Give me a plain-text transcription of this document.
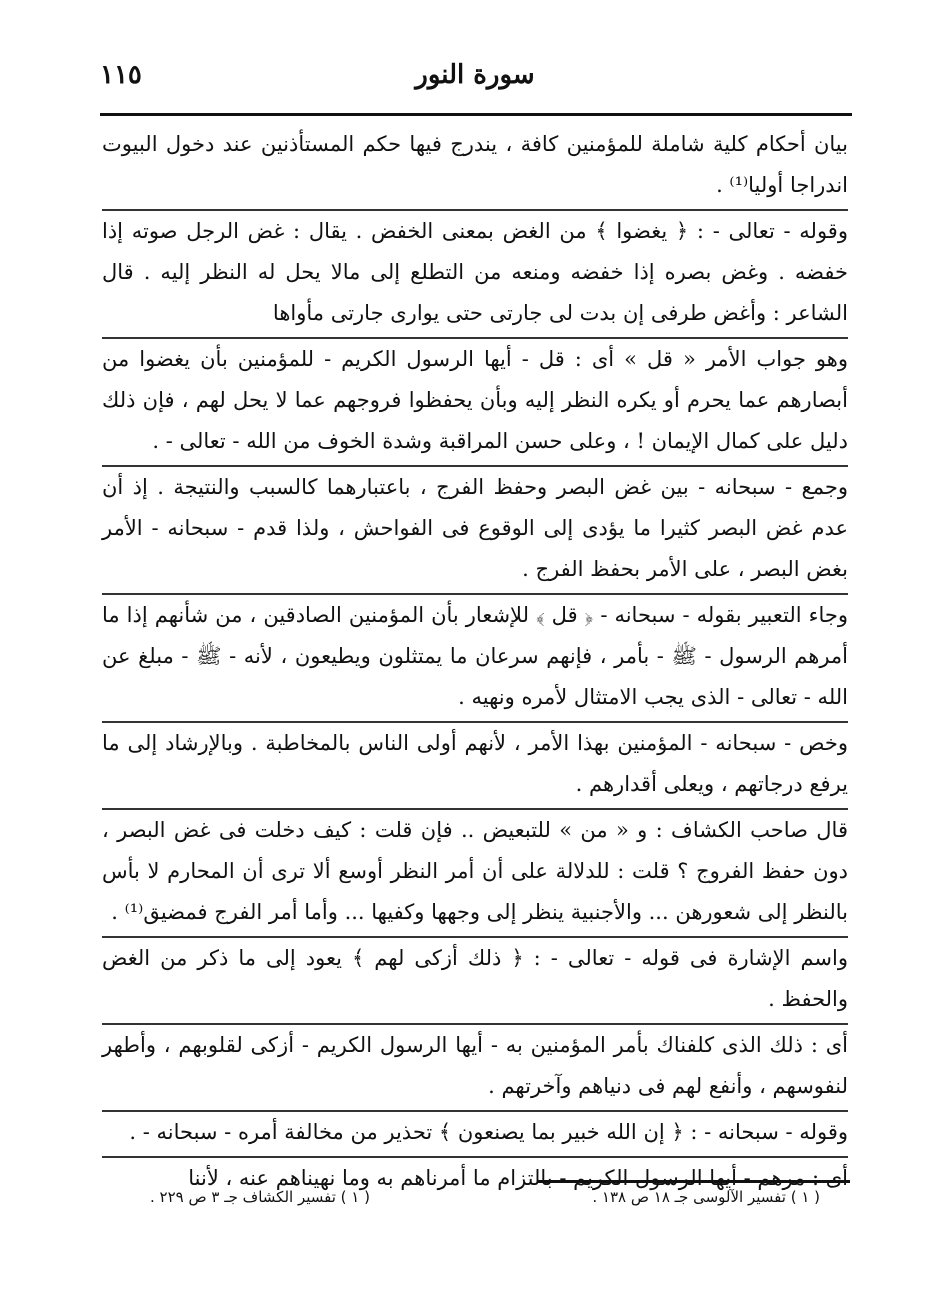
سورة النور
١١٥

بيان أحكام كلية شاملة للمؤمنين كافة ، يندرج فيها حكم المستأذنين عند دخول البيوت اندراجا أوليا⁽¹⁾ .

وقوله - تعالى - : ﴿ يغضوا ﴾ من الغض بمعنى الخفض . يقال : غض الرجل صوته إذا خفضه . وغض بصره إذا خفضه ومنعه من التطلع إلى مالا يحل له النظر إليه . قال الشاعر : وأغض طرفى إن بدت لى جارتى حتى يوارى جارتى مأواها

وهو جواب الأمر « قل » أى : قل - أيها الرسول الكريم - للمؤمنين بأن يغضوا من أبصارهم عما يحرم أو يكره النظر إليه وبأن يحفظوا فروجهم عما لا يحل لهم ، فإن ذلك دليل على كمال الإيمان ! ، وعلى حسن المراقبة وشدة الخوف من الله - تعالى - .

وجمع - سبحانه - بين غض البصر وحفظ الفرج ، باعتبارهما كالسبب والنتيجة . إذ أن عدم غض البصر كثيرا ما يؤدى إلى الوقوع فى الفواحش ، ولذا قدم - سبحانه - الأمر بغض البصر ، على الأمر بحفظ الفرج .

وجاء التعبير بقوله - سبحانه - ﴿ قل ﴾ للإشعار بأن المؤمنين الصادقين ، من شأنهم إذا ما أمرهم الرسول - ﷺ - بأمر ، فإنهم سرعان ما يمتثلون ويطيعون ، لأنه - ﷺ - مبلغ عن الله - تعالى - الذى يجب الامتثال لأمره ونهيه .

وخص - سبحانه - المؤمنين بهذا الأمر ، لأنهم أولى الناس بالمخاطبة . وبالإرشاد إلى ما يرفع درجاتهم ، ويعلى أقدارهم .

قال صاحب الكشاف : و « من » للتبعيض .. فإن قلت : كيف دخلت فى غض البصر ، دون حفظ الفروج ؟ قلت : للدلالة على أن أمر النظر أوسع ألا ترى أن المحارم لا بأس بالنظر إلى شعورهن ... والأجنبية ينظر إلى وجهها وكفيها ... وأما أمر الفرج فمضيق⁽¹⁾ .

واسم الإشارة فى قوله - تعالى - : ﴿ ذلك أزكى لهم ﴾ يعود إلى ما ذكر من الغض والحفظ .

أى : ذلك الذى كلفناك بأمر المؤمنين به - أيها الرسول الكريم - أزكى لقلوبهم ، وأطهر لنفوسهم ، وأنفع لهم فى دنياهم وآخرتهم .

وقوله - سبحانه - : ﴿ إن الله خبير بما يصنعون ﴾ تحذير من مخالفة أمره - سبحانه - .

أى : مرهم - أيها الرسول الكريم - بالتزام ما أمرناهم به وما نهيناهم عنه ، لأننا

( ١ ) تفسير الآلوسى جـ ١٨ ص ١٣٨ .
( ١ ) تفسير الكشاف جـ ٣ ص ٢٢٩ .
